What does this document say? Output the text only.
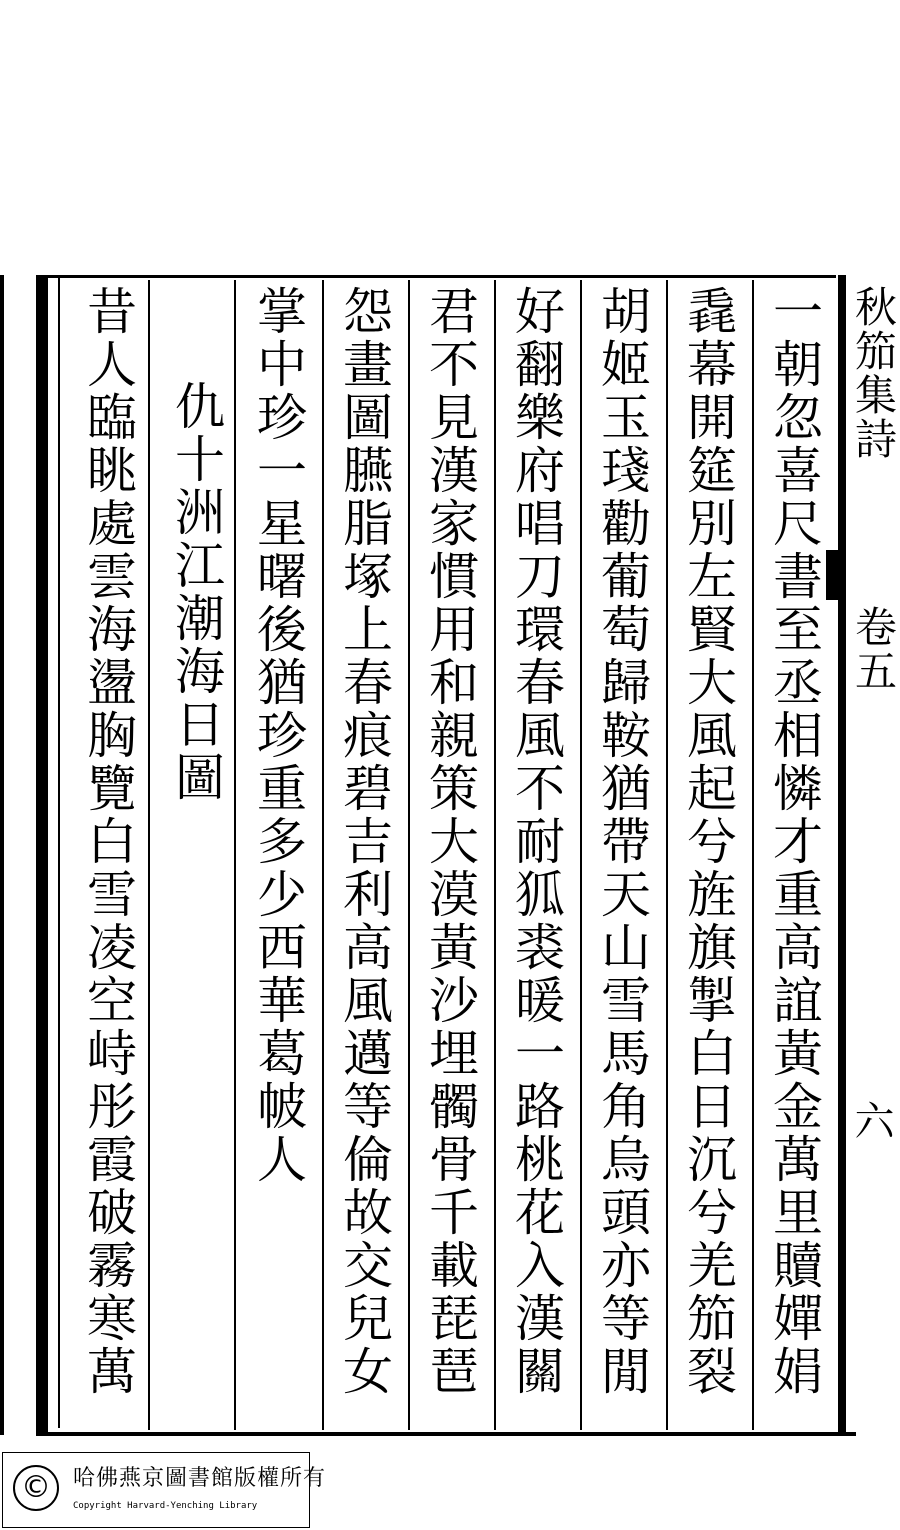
一朝忽喜尺書至丞相憐才重高誼黃金萬里贖嬋娟
毳幕開筵別左賢大風起兮旌旗掣白日沉兮羌笳裂
胡姬玉琖勸葡萄歸鞍猶帶天山雪馬角烏頭亦等閒
好翻樂府唱刀環春風不耐狐裘暖一路桃花入漢關
君不見漢家慣用和親策大漠黃沙埋髑骨千載琵琶
怨畫圖臙脂塚上春痕碧吉利高風邁等倫故交兒女
掌中珍一星曙後猶珍重多少西華葛帔人
仇十洲江潮海日圖
昔人臨眺處雲海盪胸覽白雪凌空峙彤霞破霧寒萬	秋笳集詩
卷五
六
©	哈佛燕京圖書館版權所有
Copyright Harvard-Yenching Library
